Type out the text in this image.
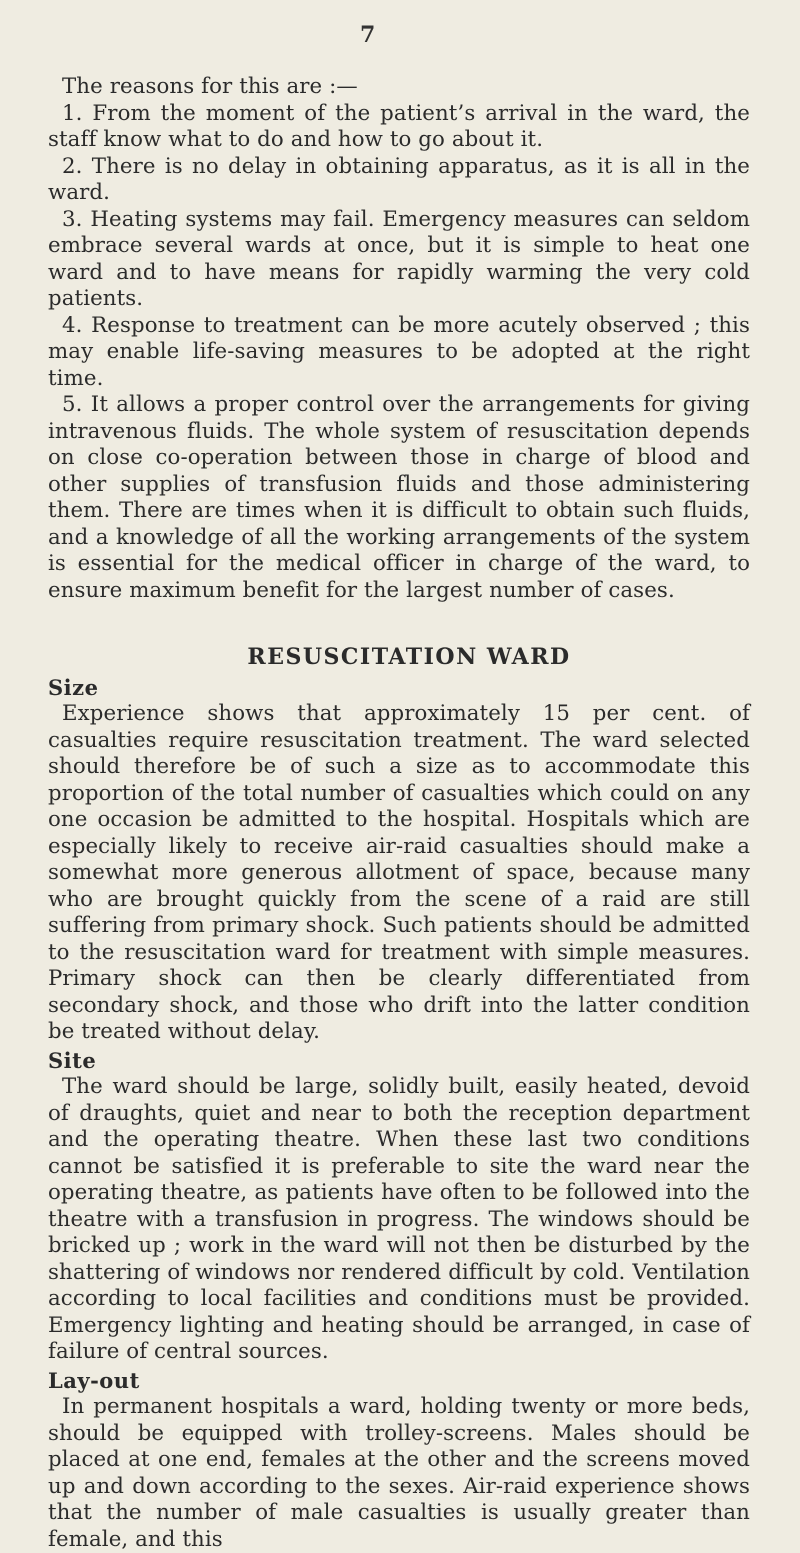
7

The reasons for this are :—

1. From the moment of the patient’s arrival in the ward, the staff know what to do and how to go about it.

2. There is no delay in obtaining apparatus, as it is all in the ward.

3. Heating systems may fail. Emergency measures can seldom embrace several wards at once, but it is simple to heat one ward and to have means for rapidly warming the very cold patients.

4. Response to treatment can be more acutely observed ; this may enable life-saving measures to be adopted at the right time.

5. It allows a proper control over the arrangements for giving intravenous fluids. The whole system of resuscitation depends on close co-operation between those in charge of blood and other supplies of transfusion fluids and those administering them. There are times when it is difficult to obtain such fluids, and a knowledge of all the working arrangements of the system is essential for the medical officer in charge of the ward, to ensure maximum benefit for the largest number of cases.

RESUSCITATION WARD
Size

Experience shows that approximately 15 per cent. of casualties require resuscitation treatment. The ward selected should therefore be of such a size as to accommodate this proportion of the total number of casualties which could on any one occasion be admitted to the hospital. Hospitals which are especially likely to receive air-raid casualties should make a somewhat more generous allotment of space, because many who are brought quickly from the scene of a raid are still suffering from primary shock. Such patients should be admitted to the resuscitation ward for treatment with simple measures. Primary shock can then be clearly differentiated from secondary shock, and those who drift into the latter condition be treated without delay.

Site

The ward should be large, solidly built, easily heated, devoid of draughts, quiet and near to both the reception department and the operating theatre. When these last two conditions cannot be satisfied it is preferable to site the ward near the operating theatre, as patients have often to be followed into the theatre with a transfusion in progress. The windows should be bricked up ; work in the ward will not then be disturbed by the shattering of windows nor rendered difficult by cold. Ventilation according to local facilities and conditions must be provided. Emergency lighting and heating should be arranged, in case of failure of central sources.

Lay-out

In permanent hospitals a ward, holding twenty or more beds, should be equipped with trolley-screens. Males should be placed at one end, females at the other and the screens moved up and down according to the sexes. Air-raid experience shows that the number of male casualties is usually greater than female, and this
